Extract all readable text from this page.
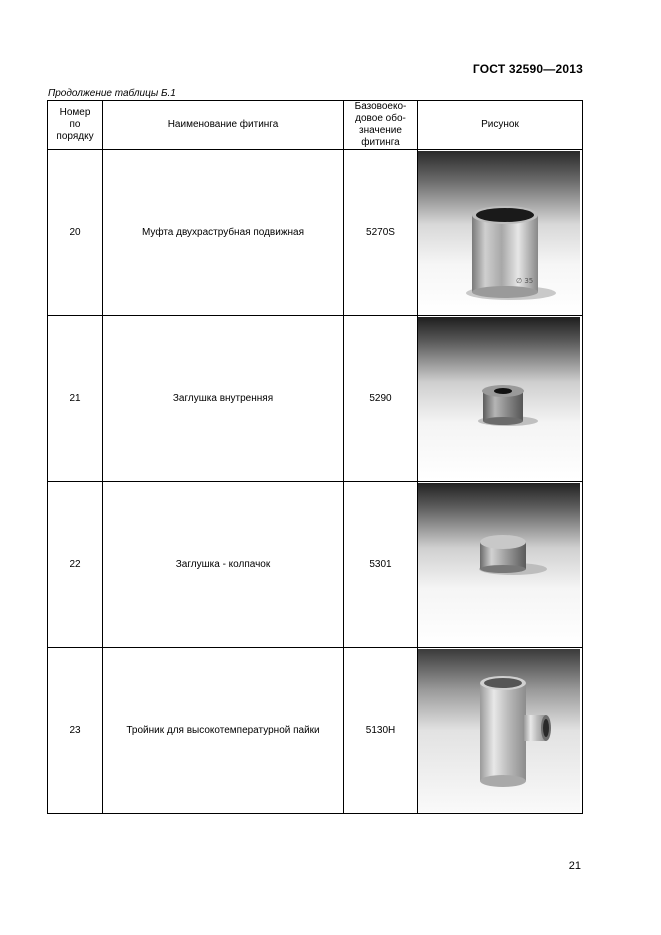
ГОСТ 32590—2013
Продолжение таблицы Б.1
Номер по порядку	Наименование фитинга	Базовоеко-довое обо-значение фитинга	Рисунок
20	Муфта двухраструбная подвижная	5270S	∅ 35

21	Заглушка внутренняя	5290	

22	Заглушка - колпачок	5301	

23	Тройник для высокотемпературной пайки	5130H	
21
